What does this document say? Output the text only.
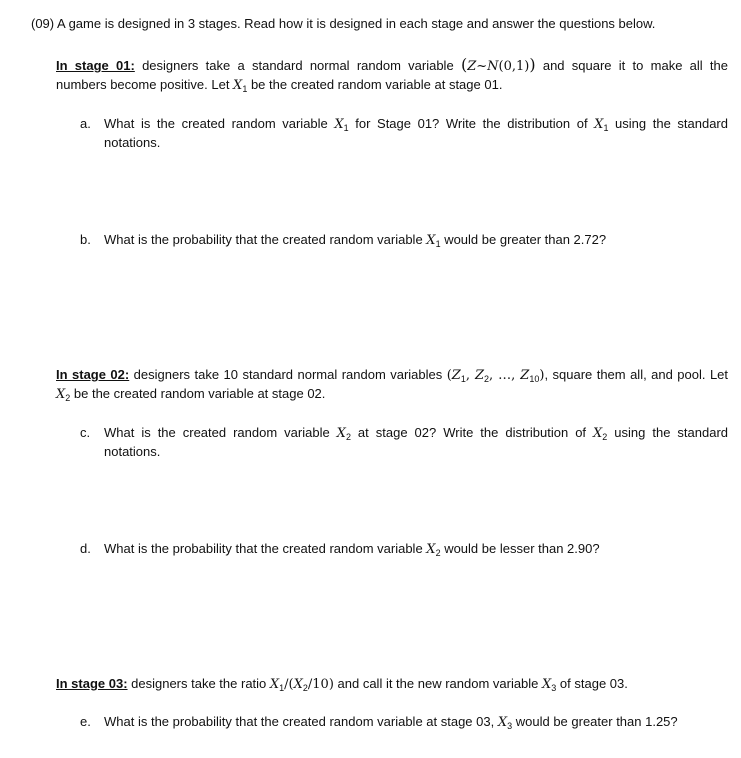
(09) A game is designed in 3 stages. Read how it is designed in each stage and answer the questions below.
In stage 01: designers take a standard normal random variable (Z~N(0,1)) and square it to make all the
numbers become positive. Let $X_1$ be the created random variable at stage 01.
a. What is the created random variable $X_1$ for Stage 01? Write the distribution of $X_1$ using the standard
notations.
b. What is the probability that the created random variable $X_1$ would be greater than 2.72?
In stage 02: designers take 10 standard normal random variables ($Z_1$, $Z_2$, …, $Z_{10}$), square them all, and pool. Let
$X_2$ be the created random variable at stage 02.
c. What is the created random variable $X_2$ at stage 02? Write the distribution of $X_2$ using the standard
notations.
d. What is the probability that the created random variable $X_2$ would be lesser than 2.90?
In stage 03: designers take the ratio $X_1/(X_2/10)$ and call it the new random variable $X_3$ of stage 03.
e. What is the probability that the created random variable at stage 03, $X_3$ would be greater than 1.25?
